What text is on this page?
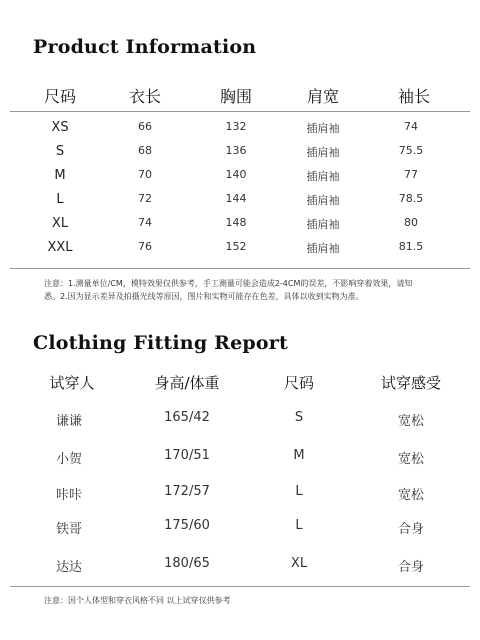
Product Information
尺码	衣长	胸围	肩宽	袖长
XS	66	132	插肩袖	74
S	68	136	插肩袖	75.5
M	70	140	插肩袖	77
L	72	144	插肩袖	78.5
XL	74	148	插肩袖	80
XXL	76	152	插肩袖	81.5
注意：1.测量单位/CM，模特效果仅供参考，手工测量可能会造成2-4CM的误差，不影响穿着效果，请知
悉。2.因为显示差异及拍摄光线等原因，图片和实物可能存在色差，具体以收到实物为准。
Clothing Fitting Report
试穿人	身高/体重	尺码	试穿感受
谦谦	165/42	S	宽松
小贺	170/51	M	宽松
咔咔	172/57	L	宽松
铁哥	175/60	L	合身
达达	180/65	XL	合身
注意：因个人体型和穿衣风格不同 以上试穿仅供参考
